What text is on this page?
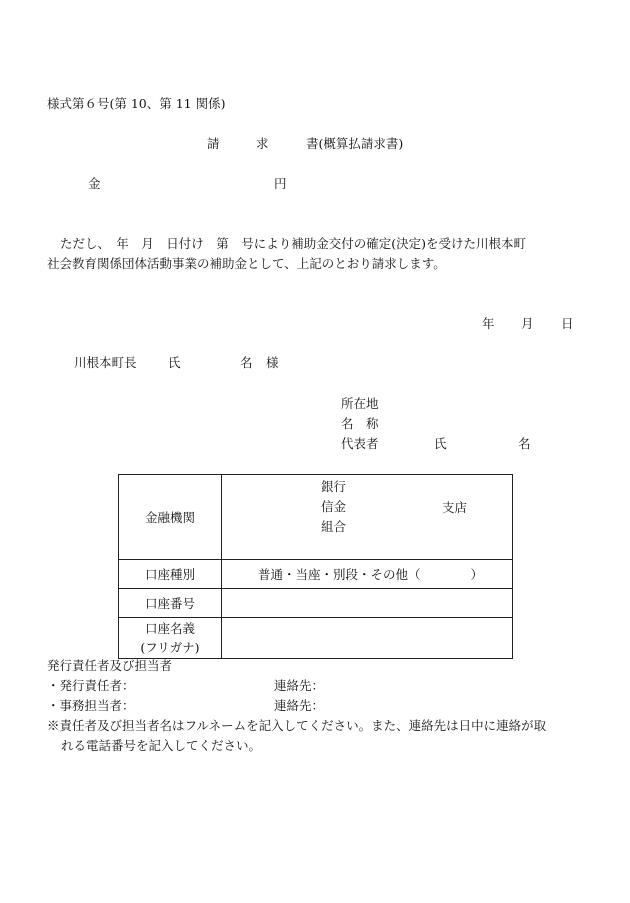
様式第６号(第 10、第 11 関係)
請	求	書(概算払請求書)
金	円
ただし、　年　月　日付け　第　号により補助金交付の確定(決定)を受けた川根本町
社会教育関係団体活動事業の補助金として、上記のとおり請求します。
年 月 日
川根本町長	氏	名 様
所在地
名　称
代表者	氏	名
金融機関	銀行
信金
組合
支店

口座種別	普通・当座・別段・その他（　　　　）
口座番号	

口座名義
(フリガナ)	

発行責任者及び担当者
・発行責任者：	連絡先：
・事務担当者：	連絡先：
※責任者及び担当者名はフルネームを記入してください。また、連絡先は日中に連絡が取
れる電話番号を記入してください。
